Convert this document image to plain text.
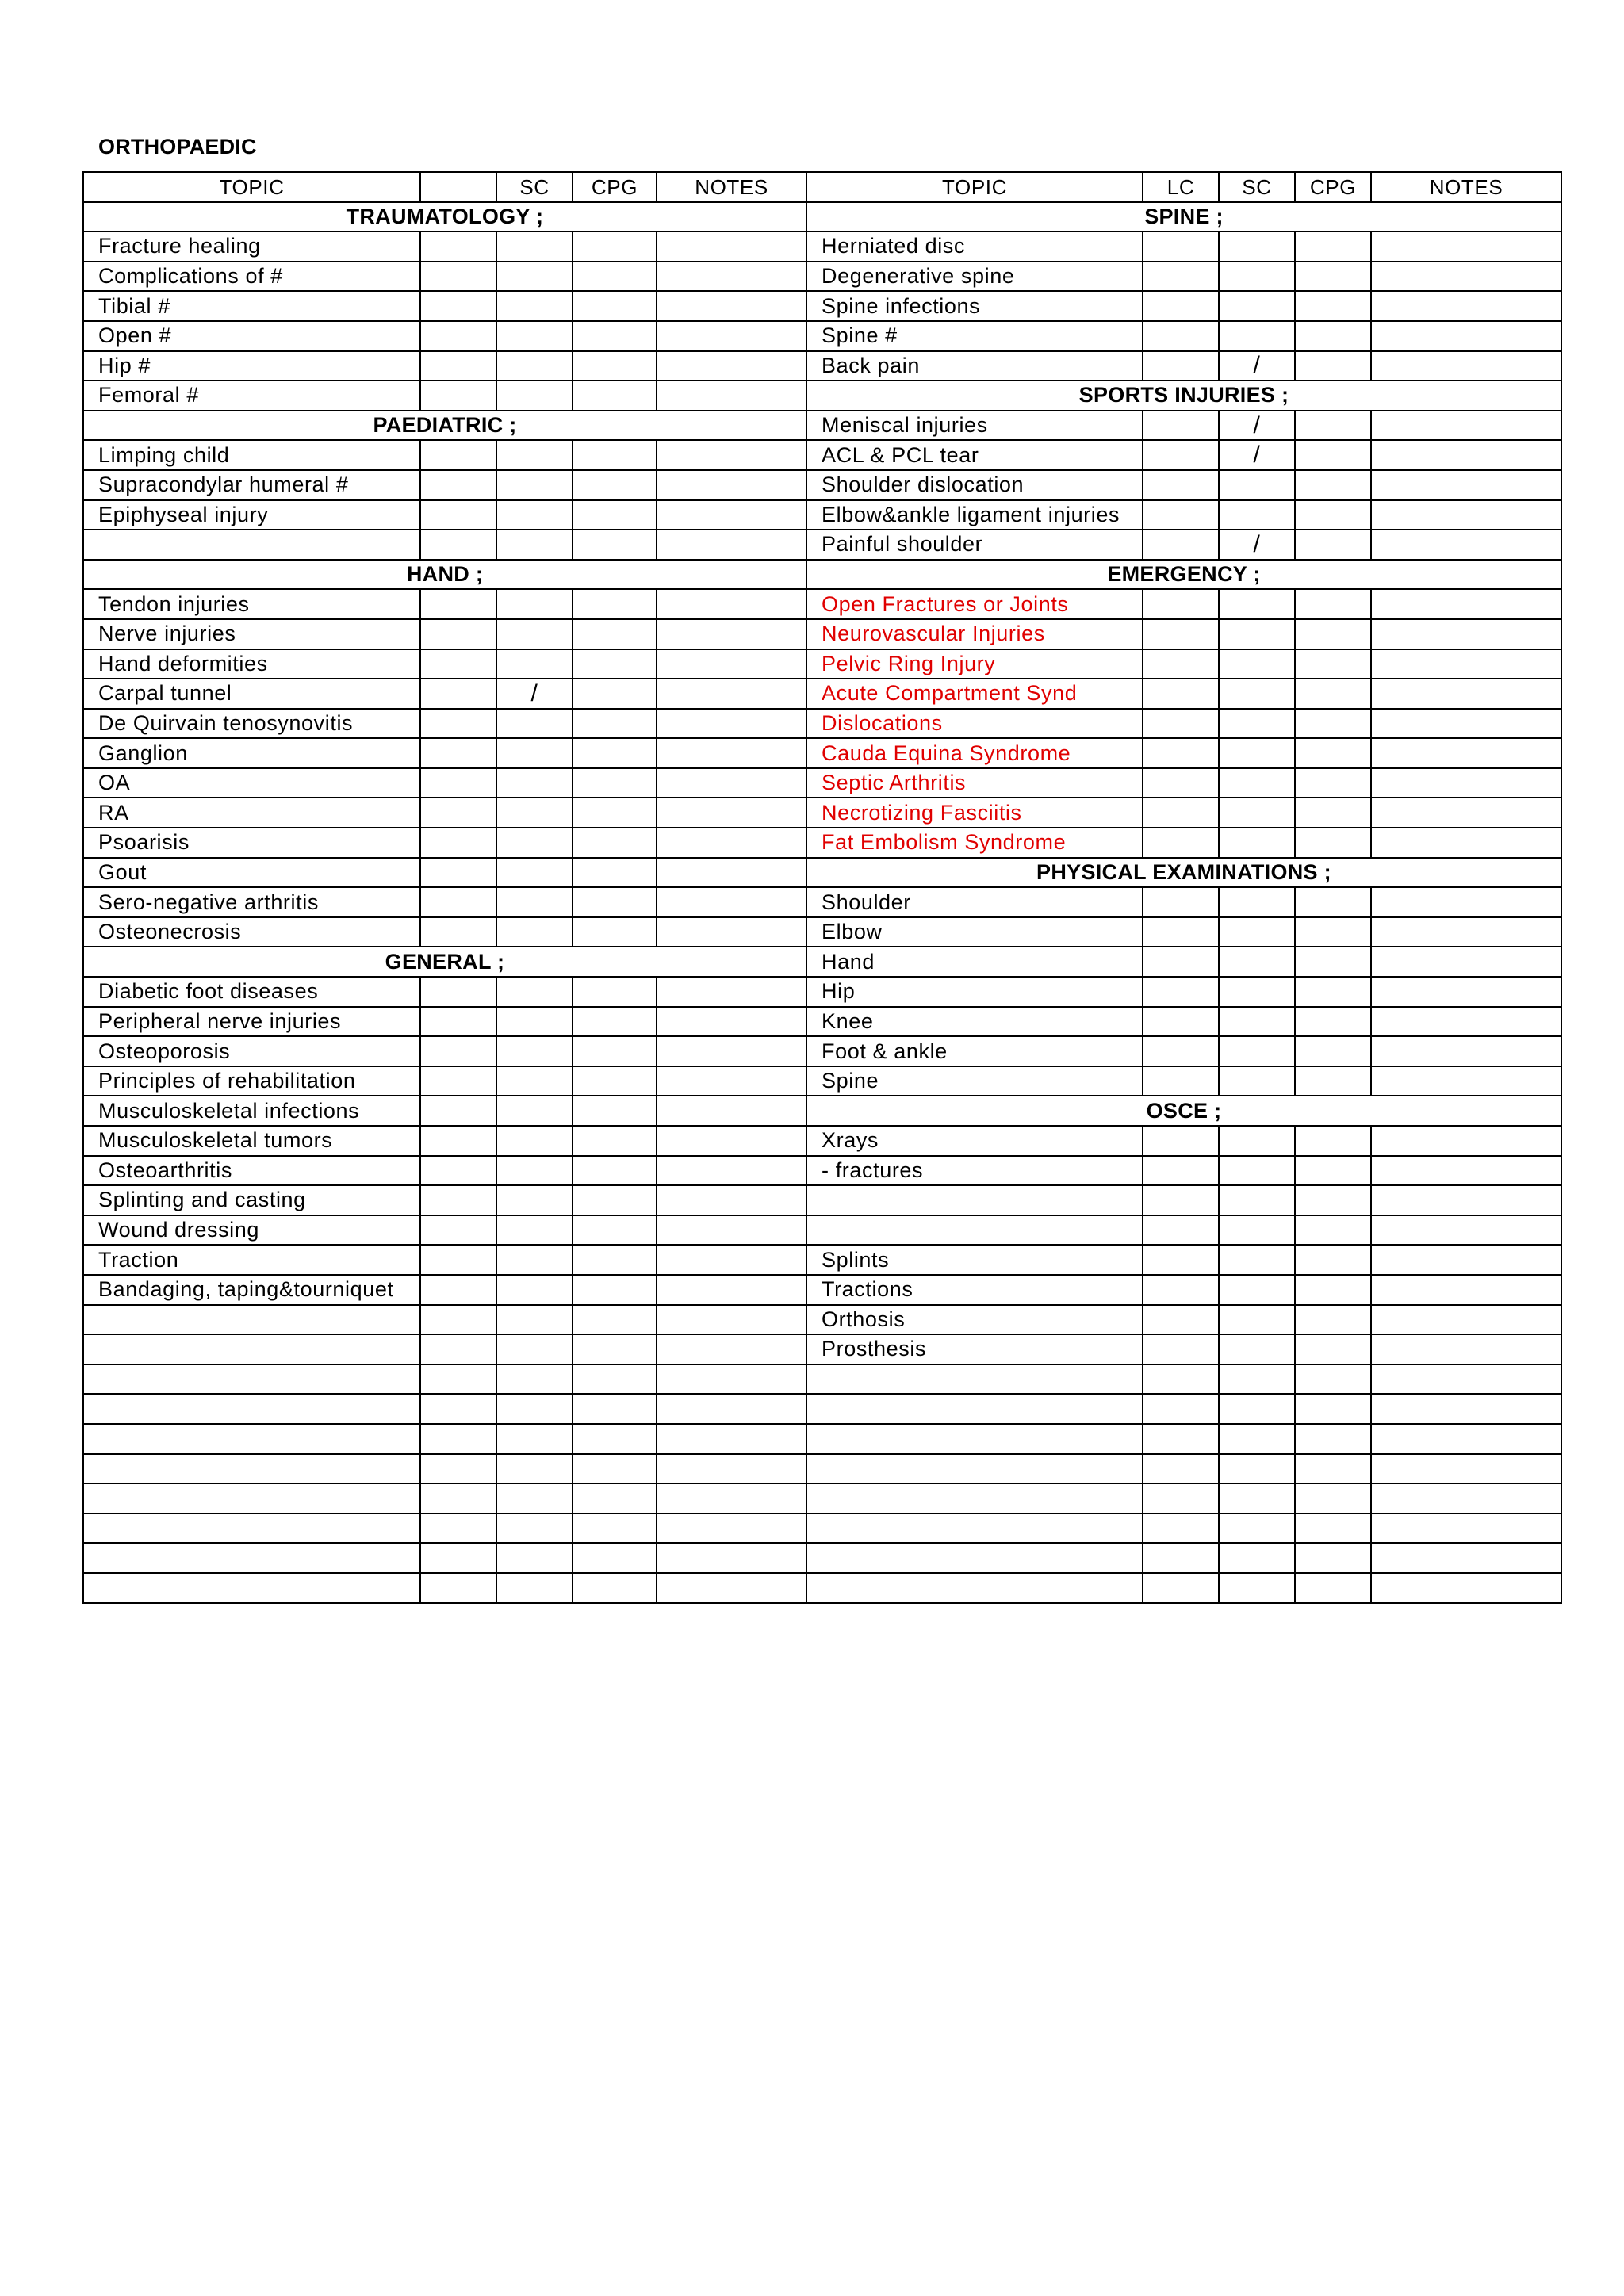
ORTHOPAEDIC
TOPIC		SC	CPG	NOTES	TOPIC	LC	SC	CPG	NOTES
TRAUMATOLOGY ;					SPINE ;				
Fracture healing					Herniated disc				
Complications of #					Degenerative spine				
Tibial #					Spine infections				
Open #					Spine #				
Hip #					Back pain		/		
Femoral #					SPORTS INJURIES ;				
PAEDIATRIC ;					Meniscal injuries		/		
Limping child					ACL & PCL tear		/		
Supracondylar humeral #					Shoulder dislocation				
Epiphyseal injury					Elbow&ankle ligament injuries				
					Painful shoulder		/		
HAND ;					EMERGENCY ;				
Tendon injuries					Open Fractures or Joints				
Nerve injuries					Neurovascular Injuries				
Hand deformities					Pelvic Ring Injury				
Carpal tunnel		/			Acute Compartment Synd				
De Quirvain tenosynovitis					Dislocations				
Ganglion					Cauda Equina Syndrome				
OA					Septic Arthritis				
RA					Necrotizing Fasciitis				
Psoarisis					Fat Embolism Syndrome				
Gout					PHYSICAL EXAMINATIONS ;				
Sero-negative arthritis					Shoulder				
Osteonecrosis					Elbow				
GENERAL ;					Hand				
Diabetic foot diseases					Hip				
Peripheral nerve injuries					Knee				
Osteoporosis					Foot & ankle				
Principles of rehabilitation					Spine				
Musculoskeletal infections					OSCE ;				
Musculoskeletal tumors					Xrays				
Osteoarthritis					- fractures				
Splinting and casting									
Wound dressing									
Traction					Splints				
Bandaging, taping&tourniquet					Tractions				
					Orthosis				
					Prosthesis				
